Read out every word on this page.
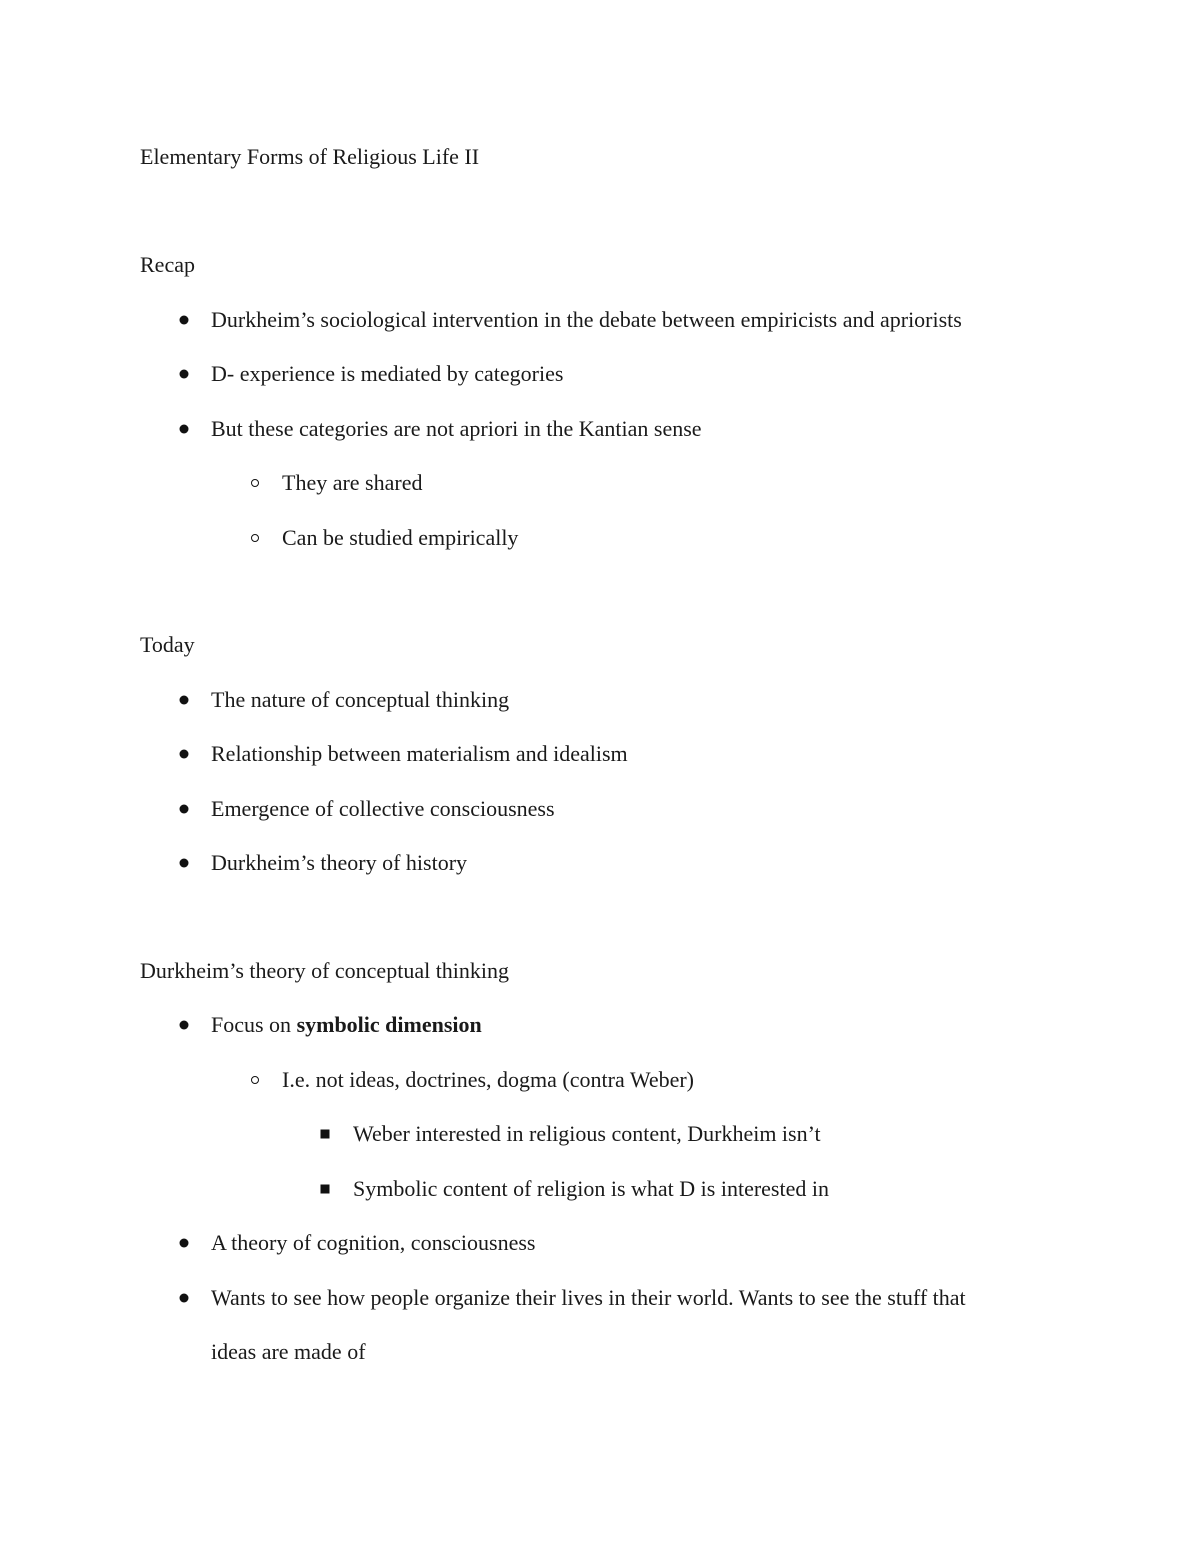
Elementary Forms of Religious Life II
Recap
Durkheim’s sociological intervention in the debate between empiricists and apriorists
D- experience is mediated by categories
But these categories are not apriori in the Kantian sense
They are shared
Can be studied empirically
Today
The nature of conceptual thinking
Relationship between materialism and idealism
Emergence of collective consciousness
Durkheim’s theory of history
Durkheim’s theory of conceptual thinking
Focus on symbolic dimension
I.e. not ideas, doctrines, dogma (contra Weber)
Weber interested in religious content, Durkheim isn’t
Symbolic content of religion is what D is interested in
A theory of cognition, consciousness
Wants to see how people organize their lives in their world. Wants to see the stuff that
ideas are made of
